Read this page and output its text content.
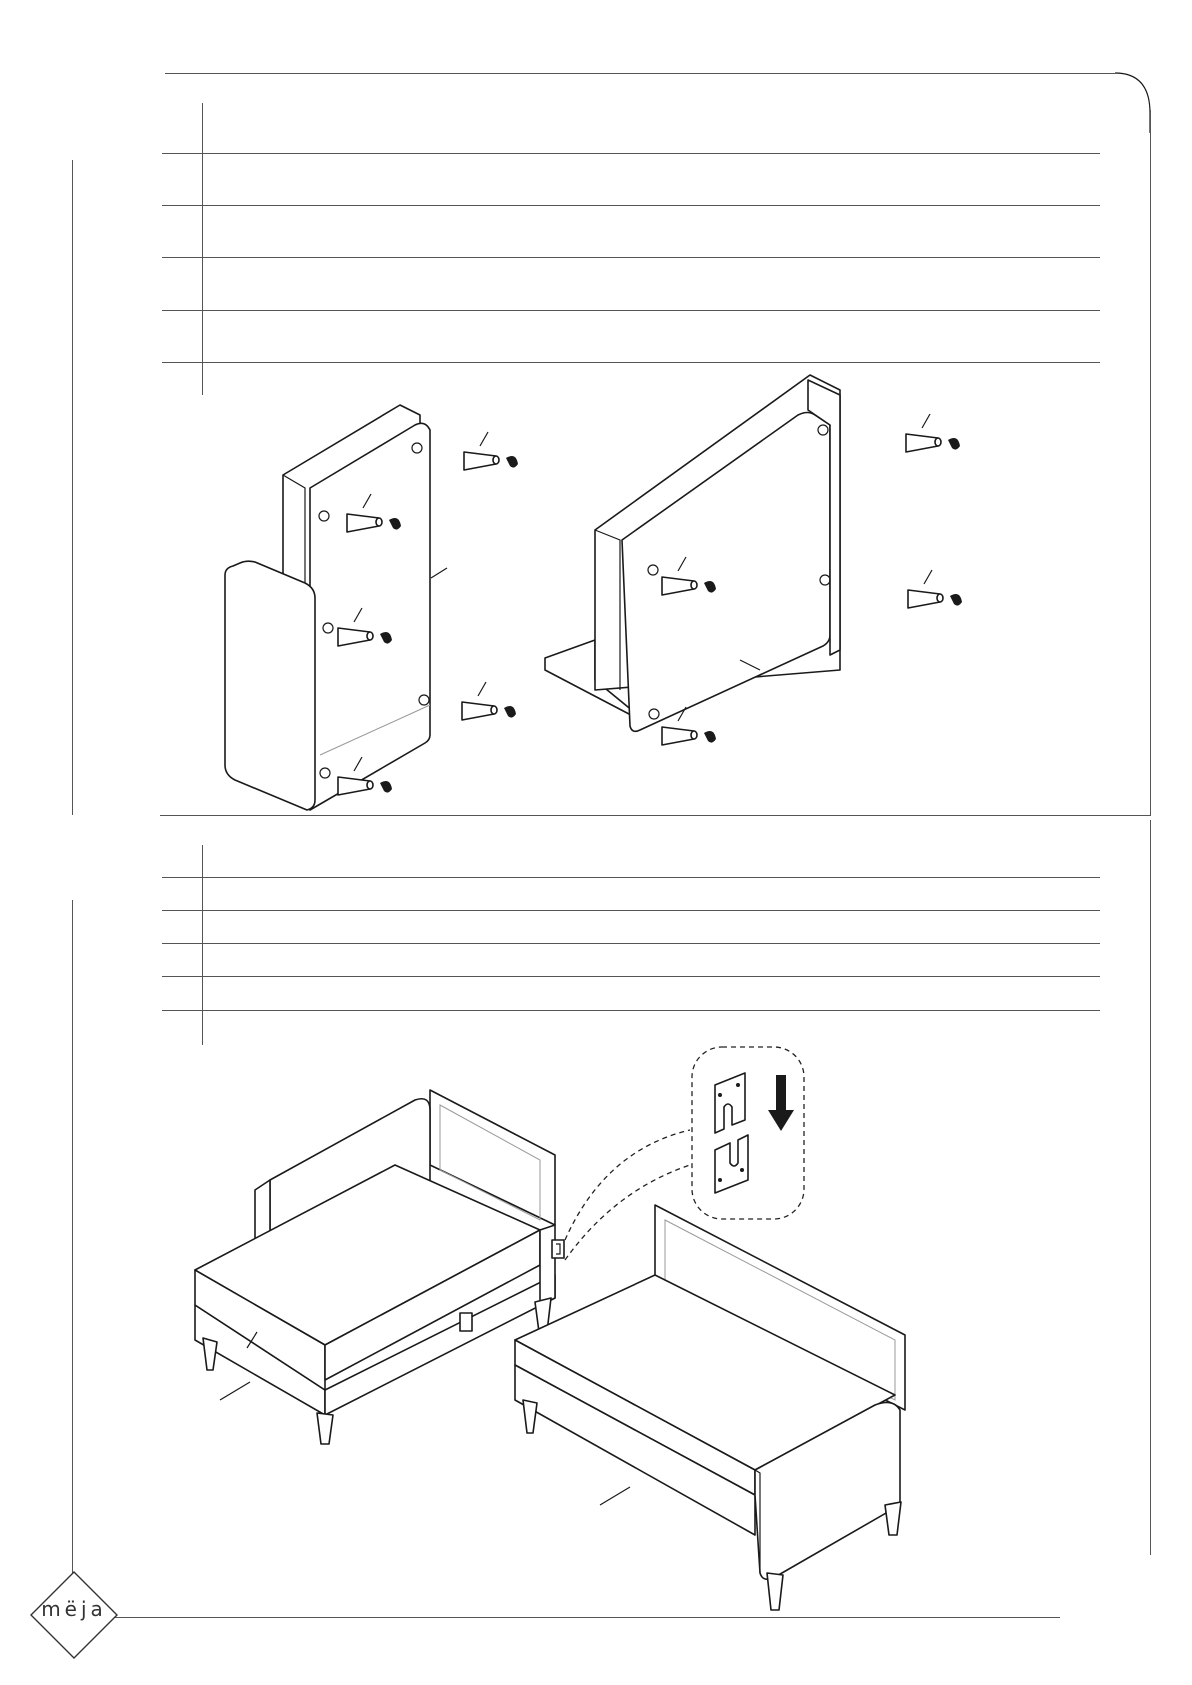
mëja
